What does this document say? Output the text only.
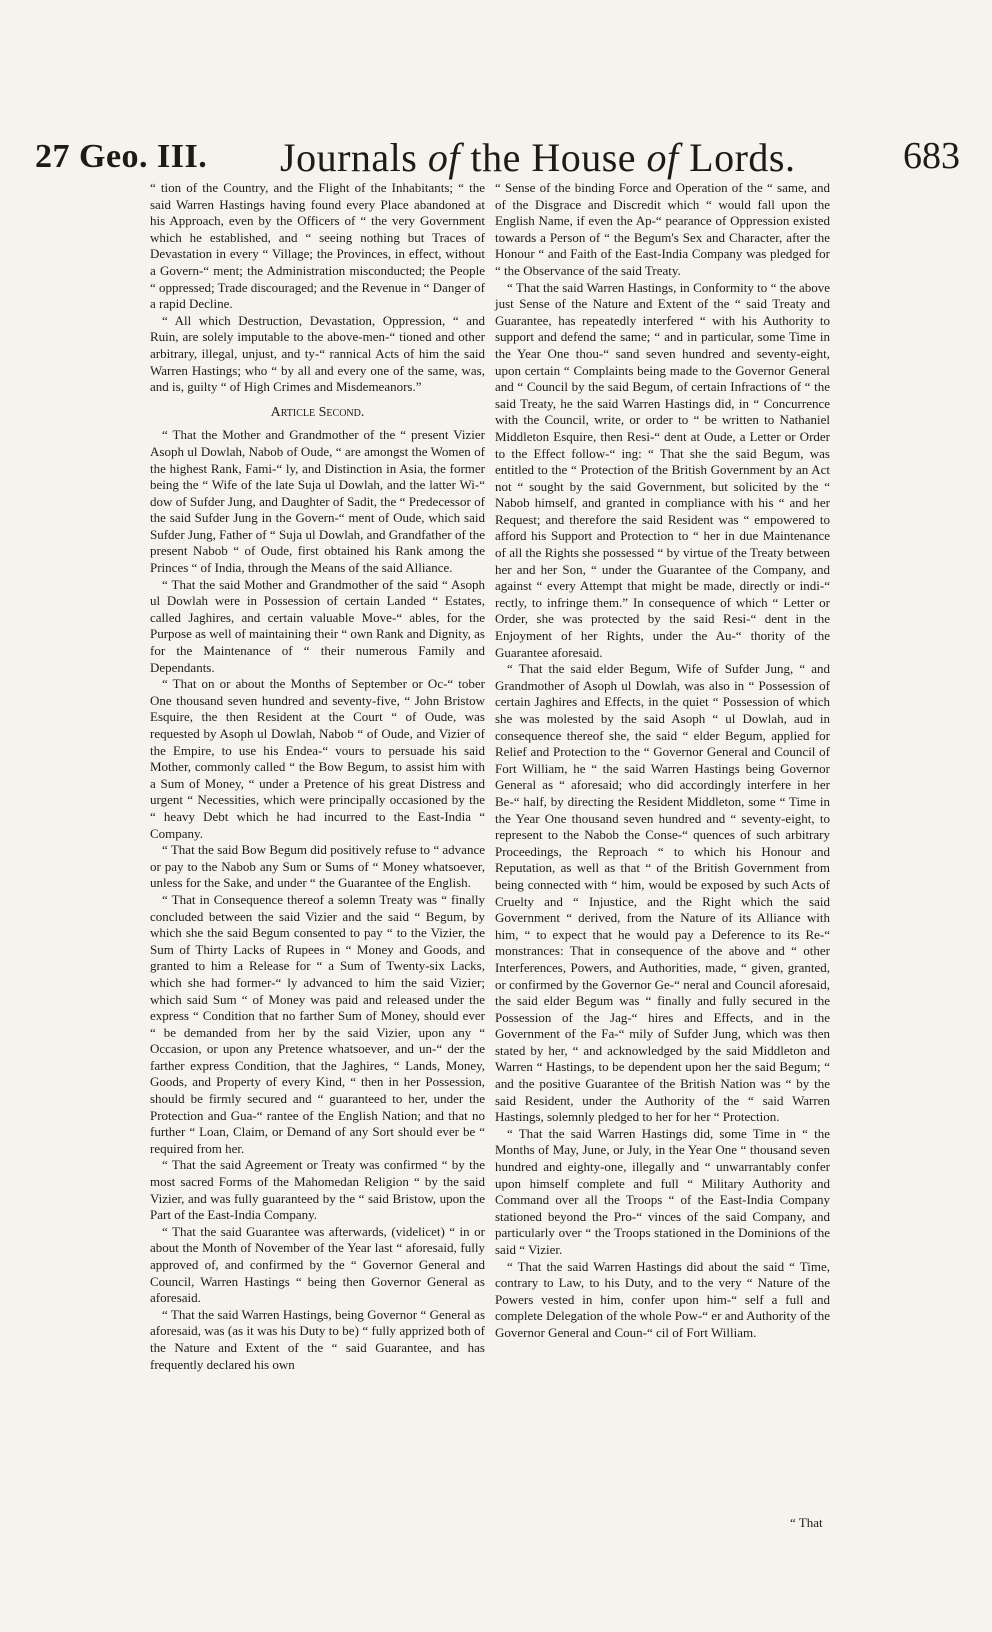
27 Geo. III. Journals of the House of Lords.	683

“ tion of the Country, and the Flight of the Inhabitants; “ the said Warren Hastings having found every Place abandoned at his Approach, even by the Officers of “ the very Government which he established, and “ seeing nothing but Traces of Devastation in every “ Village; the Provinces, in effect, without a Govern-“ ment; the Administration misconducted; the People “ oppressed; Trade discouraged; and the Revenue in “ Danger of a rapid Decline.

“ All which Destruction, Devastation, Oppression, “ and Ruin, are solely imputable to the above-men-“ tioned and other arbitrary, illegal, unjust, and ty-“ rannical Acts of him the said Warren Hastings; who “ by all and every one of the same, was, and is, guilty “ of High Crimes and Misdemeanors.”

Article Second.

“ That the Mother and Grandmother of the “ present Vizier Asoph ul Dowlah, Nabob of Oude, “ are amongst the Women of the highest Rank, Fami-“ ly, and Distinction in Asia, the former being the “ Wife of the late Suja ul Dowlah, and the latter Wi-“ dow of Sufder Jung, and Daughter of Sadit, the “ Predecessor of the said Sufder Jung in the Govern-“ ment of Oude, which said Sufder Jung, Father of “ Suja ul Dowlah, and Grandfather of the present Nabob “ of Oude, first obtained his Rank among the Princes “ of India, through the Means of the said Alliance.

“ That the said Mother and Grandmother of the said “ Asoph ul Dowlah were in Possession of certain Landed “ Estates, called Jaghires, and certain valuable Move-“ ables, for the Purpose as well of maintaining their “ own Rank and Dignity, as for the Maintenance of “ their numerous Family and Dependants.

“ That on or about the Months of September or Oc-“ tober One thousand seven hundred and seventy-five, “ John Bristow Esquire, the then Resident at the Court “ of Oude, was requested by Asoph ul Dowlah, Nabob “ of Oude, and Vizier of the Empire, to use his Endea-“ vours to persuade his said Mother, commonly called “ the Bow Begum, to assist him with a Sum of Money, “ under a Pretence of his great Distress and urgent “ Necessities, which were principally occasioned by the “ heavy Debt which he had incurred to the East-India “ Company.

“ That the said Bow Begum did positively refuse to “ advance or pay to the Nabob any Sum or Sums of “ Money whatsoever, unless for the Sake, and under “ the Guarantee of the English.

“ That in Consequence thereof a solemn Treaty was “ finally concluded between the said Vizier and the said “ Begum, by which she the said Begum consented to pay “ to the Vizier, the Sum of Thirty Lacks of Rupees in “ Money and Goods, and granted to him a Release for “ a Sum of Twenty-six Lacks, which she had former-“ ly advanced to him the said Vizier; which said Sum “ of Money was paid and released under the express “ Condition that no farther Sum of Money, should ever “ be demanded from her by the said Vizier, upon any “ Occasion, or upon any Pretence whatsoever, and un-“ der the farther express Condition, that the Jaghires, “ Lands, Money, Goods, and Property of every Kind, “ then in her Possession, should be firmly secured and “ guaranteed to her, under the Protection and Gua-“ rantee of the English Nation; and that no further “ Loan, Claim, or Demand of any Sort should ever be “ required from her.

“ That the said Agreement or Treaty was confirmed “ by the most sacred Forms of the Mahomedan Religion “ by the said Vizier, and was fully guaranteed by the “ said Bristow, upon the Part of the East-India Company.

“ That the said Guarantee was afterwards, (videlicet) “ in or about the Month of November of the Year last “ aforesaid, fully approved of, and confirmed by the “ Governor General and Council, Warren Hastings “ being then Governor General as aforesaid.

“ That the said Warren Hastings, being Governor “ General as aforesaid, was (as it was his Duty to be) “ fully apprized both of the Nature and Extent of the “ said Guarantee, and has frequently declared his own

“ Sense of the binding Force and Operation of the “ same, and of the Disgrace and Discredit which “ would fall upon the English Name, if even the Ap-“ pearance of Oppression existed towards a Person of “ the Begum's Sex and Character, after the Honour “ and Faith of the East-India Company was pledged for “ the Observance of the said Treaty.

“ That the said Warren Hastings, in Conformity to “ the above just Sense of the Nature and Extent of the “ said Treaty and Guarantee, has repeatedly interfered “ with his Authority to support and defend the same; “ and in particular, some Time in the Year One thou-“ sand seven hundred and seventy-eight, upon certain “ Complaints being made to the Governor General and “ Council by the said Begum, of certain Infractions of “ the said Treaty, he the said Warren Hastings did, in “ Concurrence with the Council, write, or order to “ be written to Nathaniel Middleton Esquire, then Resi-“ dent at Oude, a Letter or Order to the Effect follow-“ ing: “ That she the said Begum, was entitled to the “ Protection of the British Government by an Act not “ sought by the said Government, but solicited by the “ Nabob himself, and granted in compliance with his “ and her Request; and therefore the said Resident was “ empowered to afford his Support and Protection to “ her in due Maintenance of all the Rights she possessed “ by virtue of the Treaty between her and her Son, “ under the Guarantee of the Company, and against “ every Attempt that might be made, directly or indi-“ rectly, to infringe them.” In consequence of which “ Letter or Order, she was protected by the said Resi-“ dent in the Enjoyment of her Rights, under the Au-“ thority of the Guarantee aforesaid.

“ That the said elder Begum, Wife of Sufder Jung, “ and Grandmother of Asoph ul Dowlah, was also in “ Possession of certain Jaghires and Effects, in the quiet “ Possession of which she was molested by the said Asoph “ ul Dowlah, aud in consequence thereof she, the said “ elder Begum, applied for Relief and Protection to the “ Governor General and Council of Fort William, he “ the said Warren Hastings being Governor General as “ aforesaid; who did accordingly interfere in her Be-“ half, by directing the Resident Middleton, some “ Time in the Year One thousand seven hundred and “ seventy-eight, to represent to the Nabob the Conse-“ quences of such arbitrary Proceedings, the Reproach “ to which his Honour and Reputation, as well as that “ of the British Government from being connected with “ him, would be exposed by such Acts of Cruelty and “ Injustice, and the Right which the said Government “ derived, from the Nature of its Alliance with him, “ to expect that he would pay a Deference to its Re-“ monstrances: That in consequence of the above and “ other Interferences, Powers, and Authorities, made, “ given, granted, or confirmed by the Governor Ge-“ neral and Council aforesaid, the said elder Begum was “ finally and fully secured in the Possession of the Jag-“ hires and Effects, and in the Government of the Fa-“ mily of Sufder Jung, which was then stated by her, “ and acknowledged by the said Middleton and Warren “ Hastings, to be dependent upon her the said Begum; “ and the positive Guarantee of the British Nation was “ by the said Resident, under the Authority of the “ said Warren Hastings, solemnly pledged to her for her “ Protection.

“ That the said Warren Hastings did, some Time in “ the Months of May, June, or July, in the Year One “ thousand seven hundred and eighty-one, illegally and “ unwarrantably confer upon himself complete and full “ Military Authority and Command over all the Troops “ of the East-India Company stationed beyond the Pro-“ vinces of the said Company, and particularly over “ the Troops stationed in the Dominions of the said “ Vizier.

“ That the said Warren Hastings did about the said “ Time, contrary to Law, to his Duty, and to the very “ Nature of the Powers vested in him, confer upon him-“ self a full and complete Delegation of the whole Pow-“ er and Authority of the Governor General and Coun-“ cil of Fort William.

“ That
